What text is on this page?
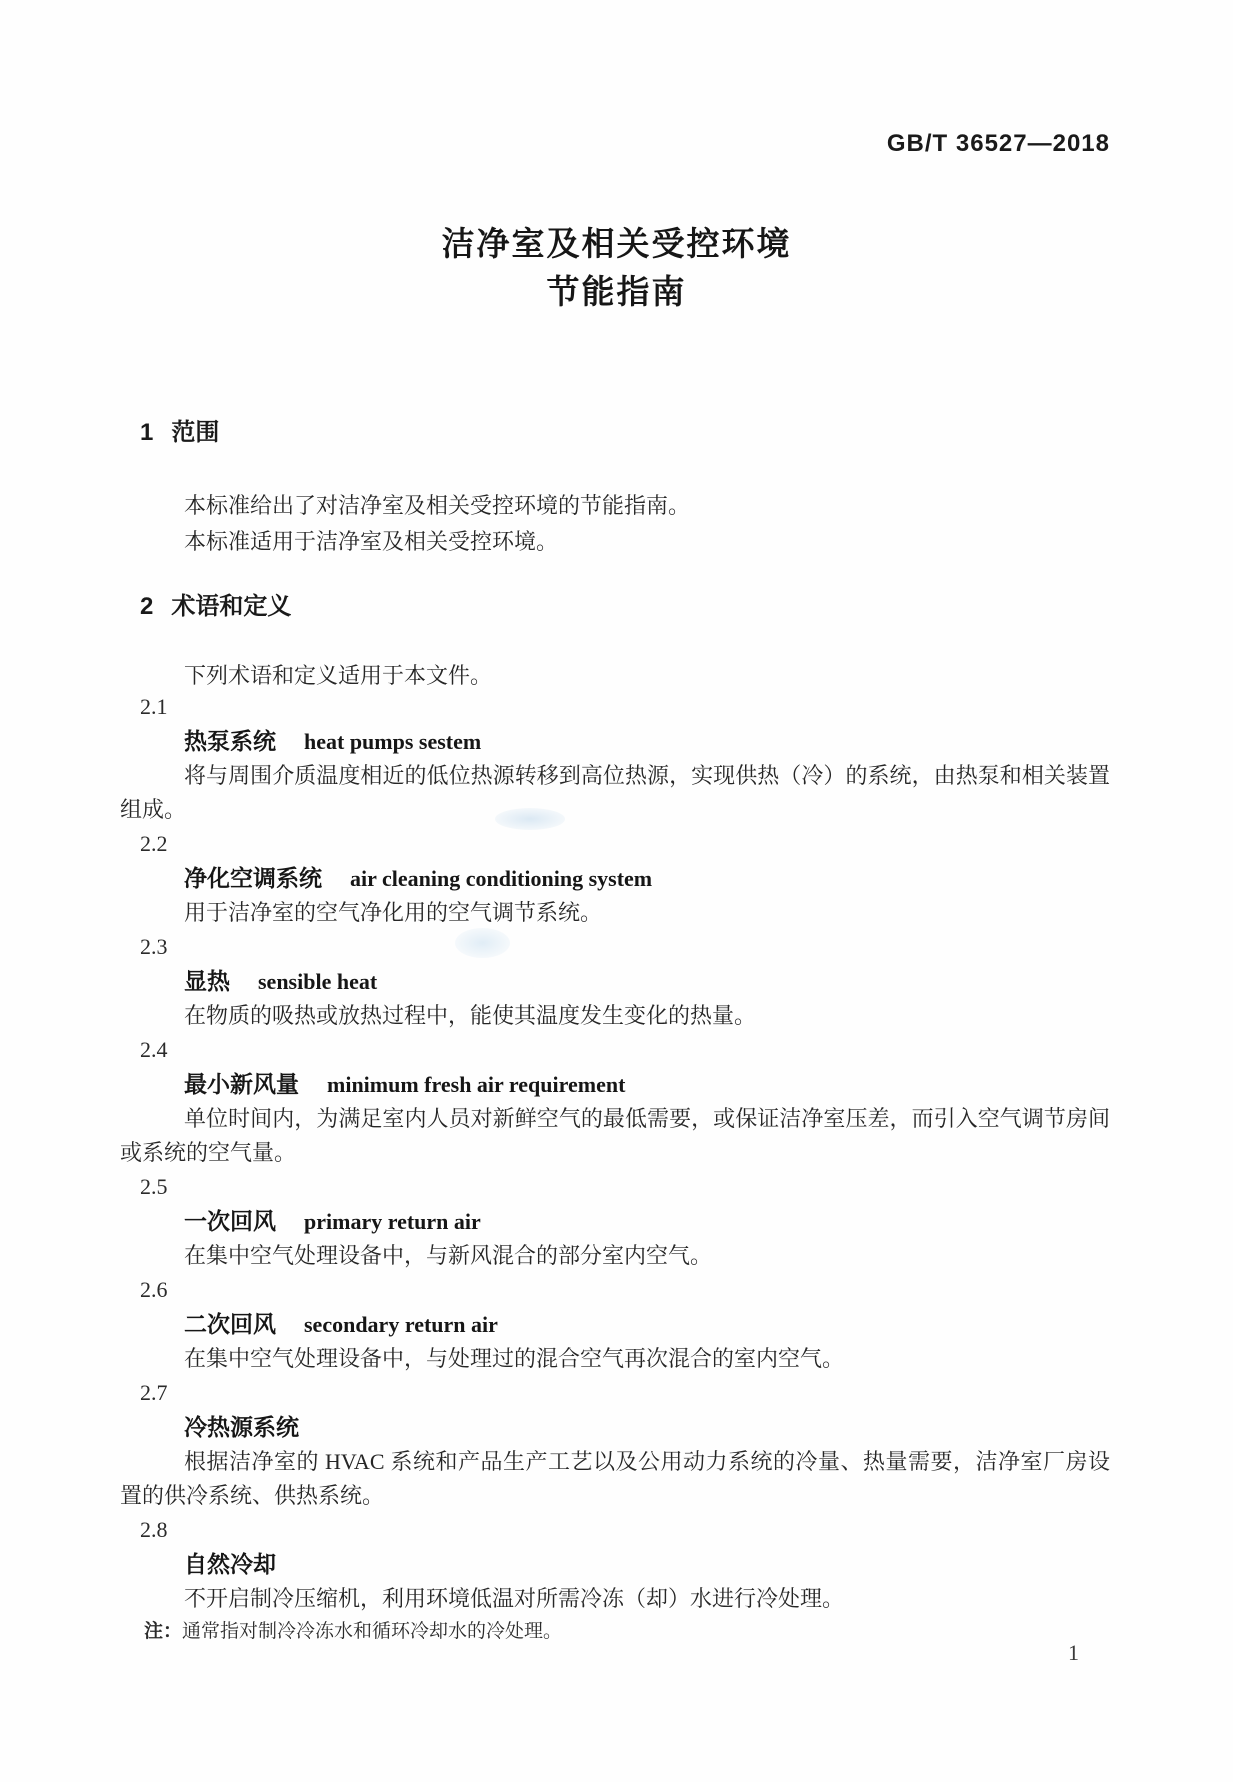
GB/T 36527—2018
洁净室及相关受控环境
节能指南
1 范围

本标准给出了对洁净室及相关受控环境的节能指南。

本标准适用于洁净室及相关受控环境。

2 术语和定义

下列术语和定义适用于本文件。

2.1
热泵系统 heat pumps sestem
将与周围介质温度相近的低位热源转移到高位热源，实现供热（冷）的系统，由热泵和相关装置组成。
2.2
净化空调系统 air cleaning conditioning system
用于洁净室的空气净化用的空气调节系统。
2.3
显热 sensible heat
在物质的吸热或放热过程中，能使其温度发生变化的热量。
2.4
最小新风量 minimum fresh air requirement
单位时间内，为满足室内人员对新鲜空气的最低需要，或保证洁净室压差，而引入空气调节房间或系统的空气量。
2.5
一次回风 primary return air
在集中空气处理设备中，与新风混合的部分室内空气。
2.6
二次回风 secondary return air
在集中空气处理设备中，与处理过的混合空气再次混合的室内空气。
2.7
冷热源系统
根据洁净室的 HVAC 系统和产品生产工艺以及公用动力系统的冷量、热量需要，洁净室厂房设置的供冷系统、供热系统。
2.8
自然冷却
不开启制冷压缩机，利用环境低温对所需冷冻（却）水进行冷处理。
注：通常指对制冷冷冻水和循环冷却水的冷处理。
1
